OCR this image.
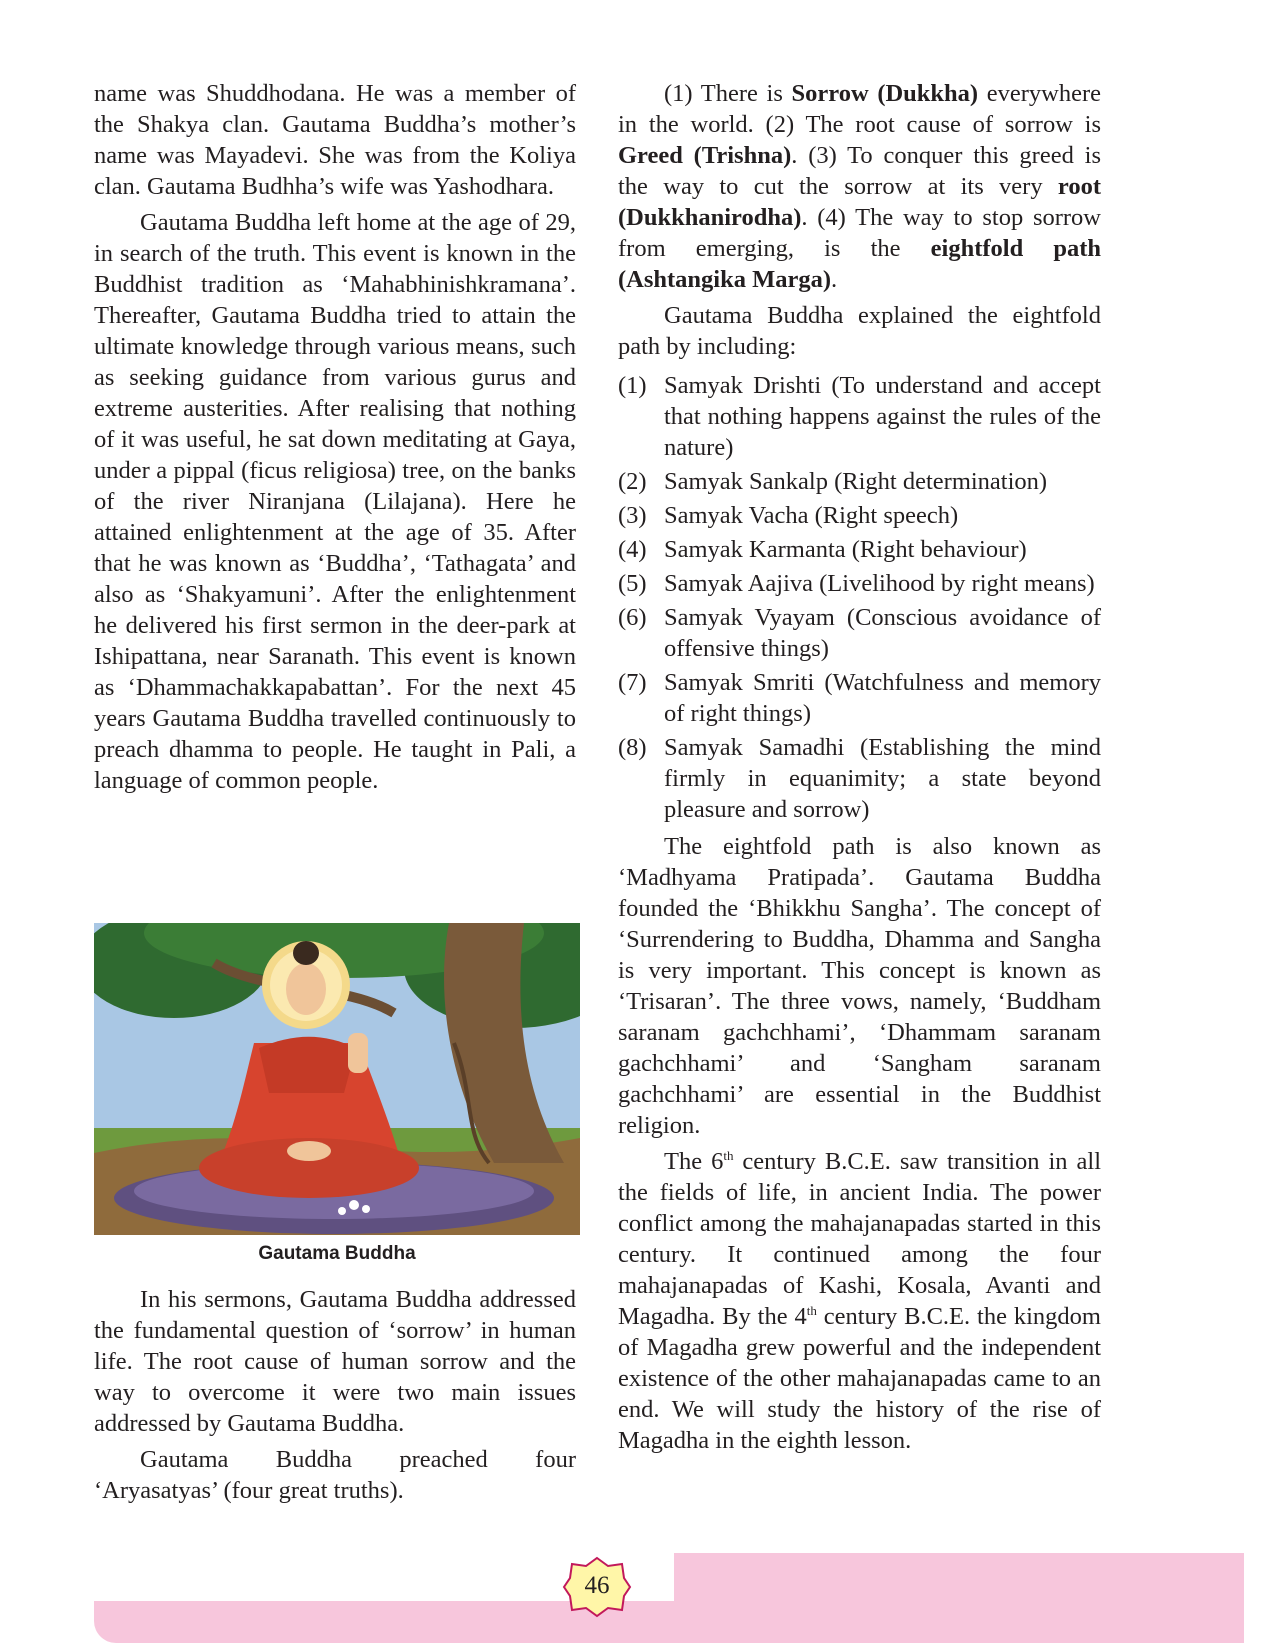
name was Shuddhodana. He was a member of the Shakya clan. Gautama Buddha’s mother’s name was Mayadevi. She was from the Koliya clan. Gautama Budhha’s wife was Yashodhara.

Gautama Buddha left home at the age of 29, in search of the truth. This event is known in the Buddhist tradition as ‘Mahabhinishkramana’. Thereafter, Gautama Buddha tried to attain the ultimate knowledge through various means, such as seeking guidance from various gurus and extreme austerities. After realising that nothing of it was useful, he sat down meditating at Gaya, under a pippal (ficus religiosa) tree, on the banks of the river Niranjana (Lilajana). Here he attained enlightenment at the age of 35. After that he was known as ‘Buddha’, ‘Tathagata’ and also as ‘Shakyamuni’. After the enlightenment he delivered his first sermon in the deer-park at Ishipattana, near Saranath. This event is known as ‘Dhammachakkapabattan’. For the next 45 years Gautama Buddha travelled continuously to preach dhamma to people. He taught in Pali, a language of common people.

Gautama Buddha

In his sermons, Gautama Buddha addressed the fundamental question of ‘sorrow’ in human life. The root cause of human sorrow and the way to overcome it were two main issues addressed by Gautama Buddha.

Gautama Buddha preached four ‘Aryasatyas’ (four great truths).

(1) There is Sorrow (Dukkha) everywhere in the world. (2) The root cause of sorrow is Greed (Trishna). (3) To conquer this greed is the way to cut the sorrow at its very root (Dukkhanirodha). (4) The way to stop sorrow from emerging, is the eightfold path (Ashtangika Marga).

Gautama Buddha explained the eightfold path by including:

(1) Samyak Drishti (To understand and accept that nothing happens against the rules of the nature)
(2) Samyak Sankalp (Right determination)
(3) Samyak Vacha (Right speech)
(4) Samyak Karmanta (Right behaviour)
(5) Samyak Aajiva (Livelihood by right means)
(6) Samyak Vyayam (Conscious avoidance of offensive things)
(7) Samyak Smriti (Watchfulness and memory of right things)
(8) Samyak Samadhi (Establishing the mind firmly in equanimity; a state beyond pleasure and sorrow)

The eightfold path is also known as ‘Madhyama Pratipada’. Gautama Buddha founded the ‘Bhikkhu Sangha’. The concept of ‘Surrendering to Buddha, Dhamma and Sangha is very important. This concept is known as ‘Trisaran’. The three vows, namely, ‘Buddham saranam gachchhami’, ‘Dhammam saranam gachchhami’ and ‘Sangham saranam gachchhami’ are essential in the Buddhist religion.

The 6th century B.C.E. saw transition in all the fields of life, in ancient India. The power conflict among the mahajanapadas started in this century. It continued among the four mahajanapadas of Kashi, Kosala, Avanti and Magadha. By the 4th century B.C.E. the kingdom of Magadha grew powerful and the independent existence of the other mahajanapadas came to an end. We will study the history of the rise of Magadha in the eighth lesson.

46
